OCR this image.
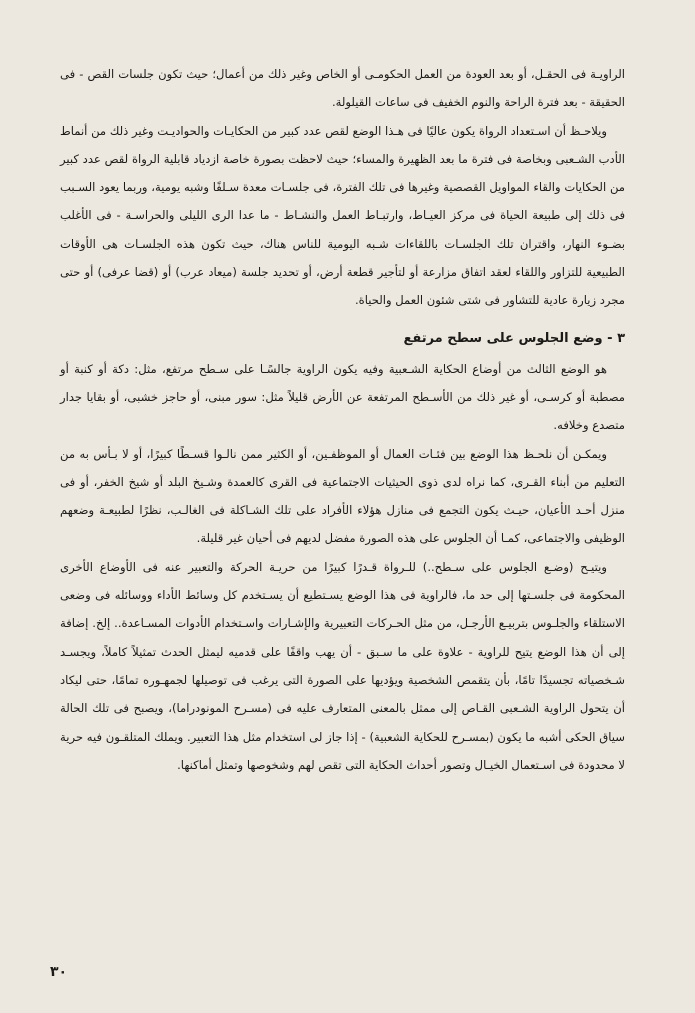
الراويـة فى الحقـل، أو بعد العودة من العمل الحكومـى أو الخاص وغير ذلك من أعمال؛ حيث تكون جلسات القص - فى الحقيقة - بعد فترة الراحة والنوم الخفيف فى ساعات القيلولة.

ويلاحـظ أن اسـتعداد الرواة يكون عاليًا فى هـذا الوضع لقص عدد كبير من الحكايـات والحواديـت وغير ذلك من أنماط الأدب الشـعبى وبخاصة فى فترة ما بعد الظهيرة والمساء؛ حيث لاحظت بصورة خاصة ازدياد قابلية الرواة لقص عدد كبير من الحكايات والقاء المواويل القصصية وغيرها فى تلك الفترة، فى جلسـات معدة سـلفًا وشبه يومية، وربما يعود السـبب فى ذلك إلى طبيعة الحياة فى مركز العيـاط، وارتبـاط العمل والنشـاط - ما عدا الرى الليلى والحراسـة - فى الأغلب بضـوء النهار، واقتران تلك الجلسـات باللقاءات شـبه اليومية للناس هناك، حيث تكون هذه الجلسـات هى الأوقات الطبيعية للتزاور واللقاء لعقد اتفاق مزارعة أو لتأجير قطعة أرض، أو تحديد جلسة (ميعاد عرب) أو (قضا عرفى) أو حتى مجرد زيارة عادية للتشاور فى شتى شئون العمل والحياة.

٣ - وضع الجلوس على سطح مرتفع

هو الوضع الثالث من أوضاع الحكاية الشـعبية وفيه يكون الراوية جالسًـا على سـطح مرتفع، مثل: دكة أو كنبة أو مصطبة أو كرسـى، أو غير ذلك من الأسـطح المرتفعة عن الأرض قليلاً مثل: سور مبنى، أو حاجز خشبى، أو بقايا جدار متصدع وخلافه.

ويمكـن أن نلحـظ هذا الوضع بين فئـات العمال أو الموظفـين، أو الكثير ممن نالـوا قسـطًا كبيرًا، أو لا بـأس به من التعليم من أبناء القـرى، كما نراه لدى ذوى الحيثيات الاجتماعية فى القرى كالعمدة وشـيخ البلد أو شيخ الخفر، أو فى منزل أحـد الأعيان، حيـث يكون التجمع فى منازل هؤلاء الأفراد على تلك الشـاكلة فى الغالـب، نظرًا لطبيعـة وضعهم الوظيفى والاجتماعى، كمـا أن الجلوس على هذه الصورة مفضل لديهم فى أحيان غير قليلة.

ويتيـح (وضـع الجلوس على سـطح..) للـرواة قـدرًا كبيرًا من حريـة الحركة والتعبير عنه فى الأوضاع الأخرى المحكومة فى جلسـتها إلى حد ما، فالراوية فى هذا الوضع يسـتطيع أن يسـتخدم كل وسائط الأداء ووسائله فى وضعى الاستلقاء والجلـوس بتربيـع الأرجـل، من مثل الحـركات التعبيرية والإشـارات واسـتخدام الأدوات المسـاعدة.. إلخ. إضافة إلى أن هذا الوضع يتيح للراوية - علاوة على ما سـبق - أن يهب واقفًا على قدميه ليمثل الحدث تمثيلاً كاملاً، ويجسـد شـخصياته تجسيدًا تامًا، بأن يتقمص الشخصية ويؤديها على الصورة التى يرغب فى توصيلها لجمهـوره تمامًا، حتى ليكاد أن يتحول الراوية الشـعبى القـاص إلى ممثل بالمعنى المتعارف عليه فى (مسـرح المونودراما)، ويصبح فى تلك الحالة سياق الحكى أشبه ما يكون (بمسـرح للحكاية الشعبية) - إذا جاز لى استخدام مثل هذا التعبير. ويملك المتلقـون فيه حرية لا محدودة فى اسـتعمال الخيـال وتصور أحداث الحكاية التى تقص لهم وشخوصها وتمثل أماكنها.

٣٠
